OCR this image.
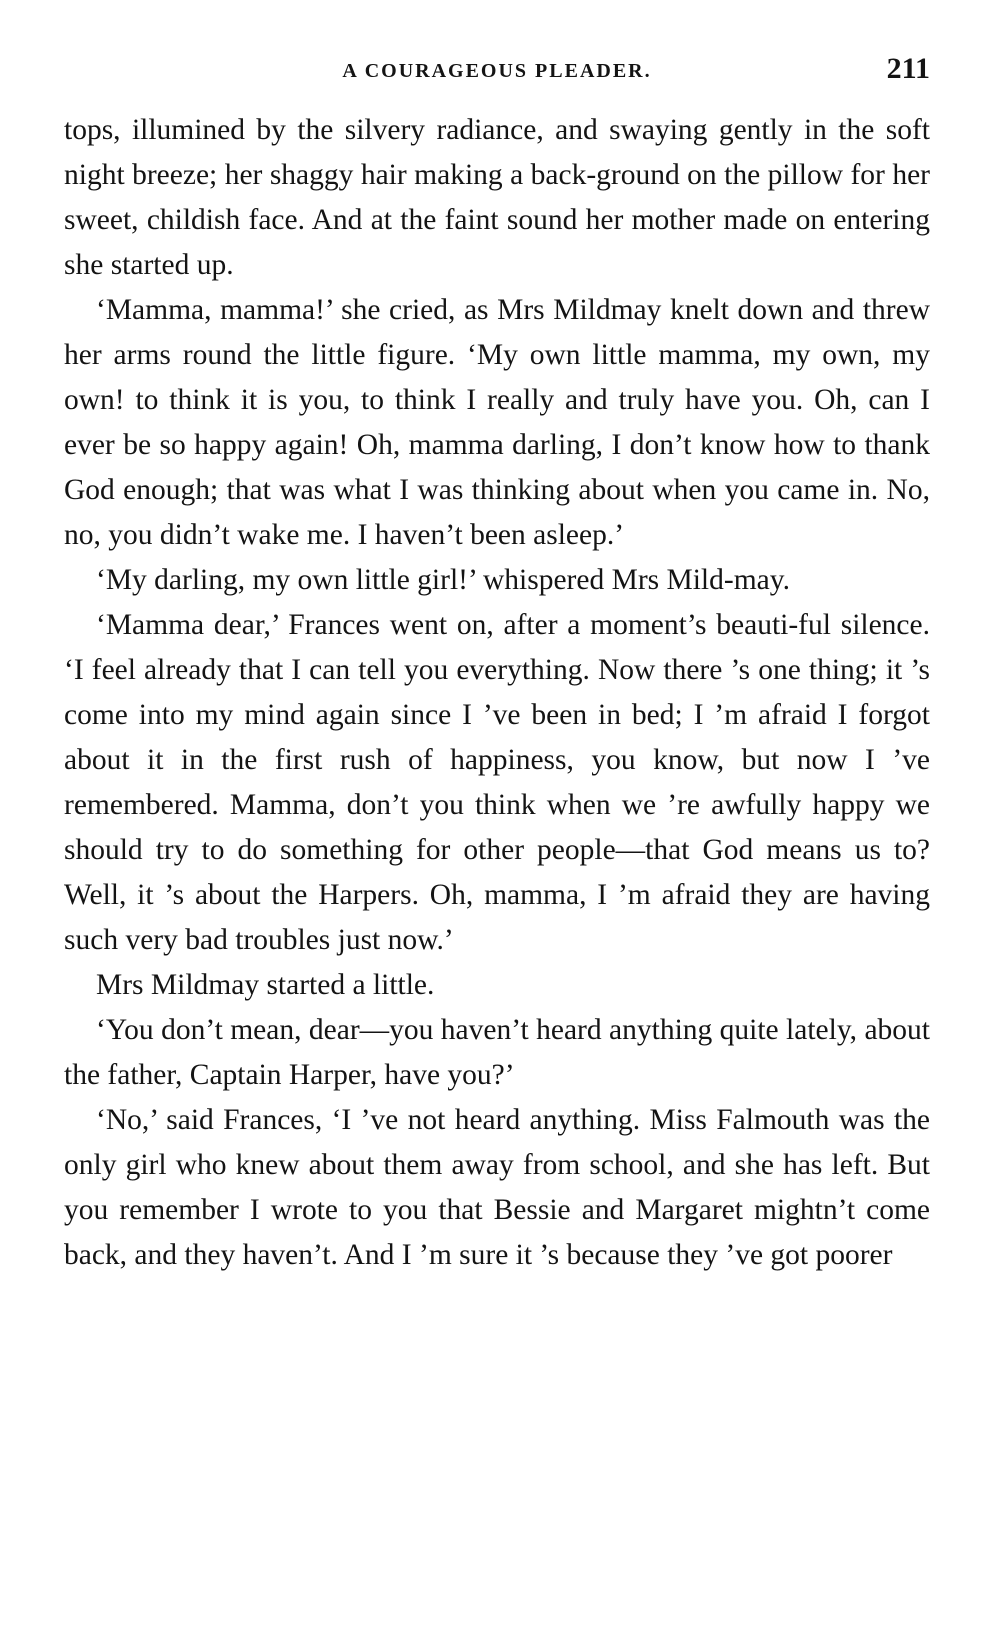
A COURAGEOUS PLEADER.	211

tops, illumined by the silvery radiance, and swaying gently in the soft night breeze; her shaggy hair making a back-ground on the pillow for her sweet, childish face. And at the faint sound her mother made on entering she started up.

‘Mamma, mamma!’ she cried, as Mrs Mildmay knelt down and threw her arms round the little figure. ‘My own little mamma, my own, my own! to think it is you, to think I really and truly have you. Oh, can I ever be so happy again! Oh, mamma darling, I don’t know how to thank God enough; that was what I was thinking about when you came in. No, no, you didn’t wake me. I haven’t been asleep.’

‘My darling, my own little girl!’ whispered Mrs Mild-may.

‘Mamma dear,’ Frances went on, after a moment’s beauti-ful silence. ‘I feel already that I can tell you everything. Now there ’s one thing; it ’s come into my mind again since I ’ve been in bed; I ’m afraid I forgot about it in the first rush of happiness, you know, but now I ’ve remembered. Mamma, don’t you think when we ’re awfully happy we should try to do something for other people—that God means us to? Well, it ’s about the Harpers. Oh, mamma, I ’m afraid they are having such very bad troubles just now.’

Mrs Mildmay started a little.

‘You don’t mean, dear—you haven’t heard anything quite lately, about the father, Captain Harper, have you?’

‘No,’ said Frances, ‘I ’ve not heard anything. Miss Falmouth was the only girl who knew about them away from school, and she has left. But you remember I wrote to you that Bessie and Margaret mightn’t come back, and they haven’t. And I ’m sure it ’s because they ’ve got poorer
